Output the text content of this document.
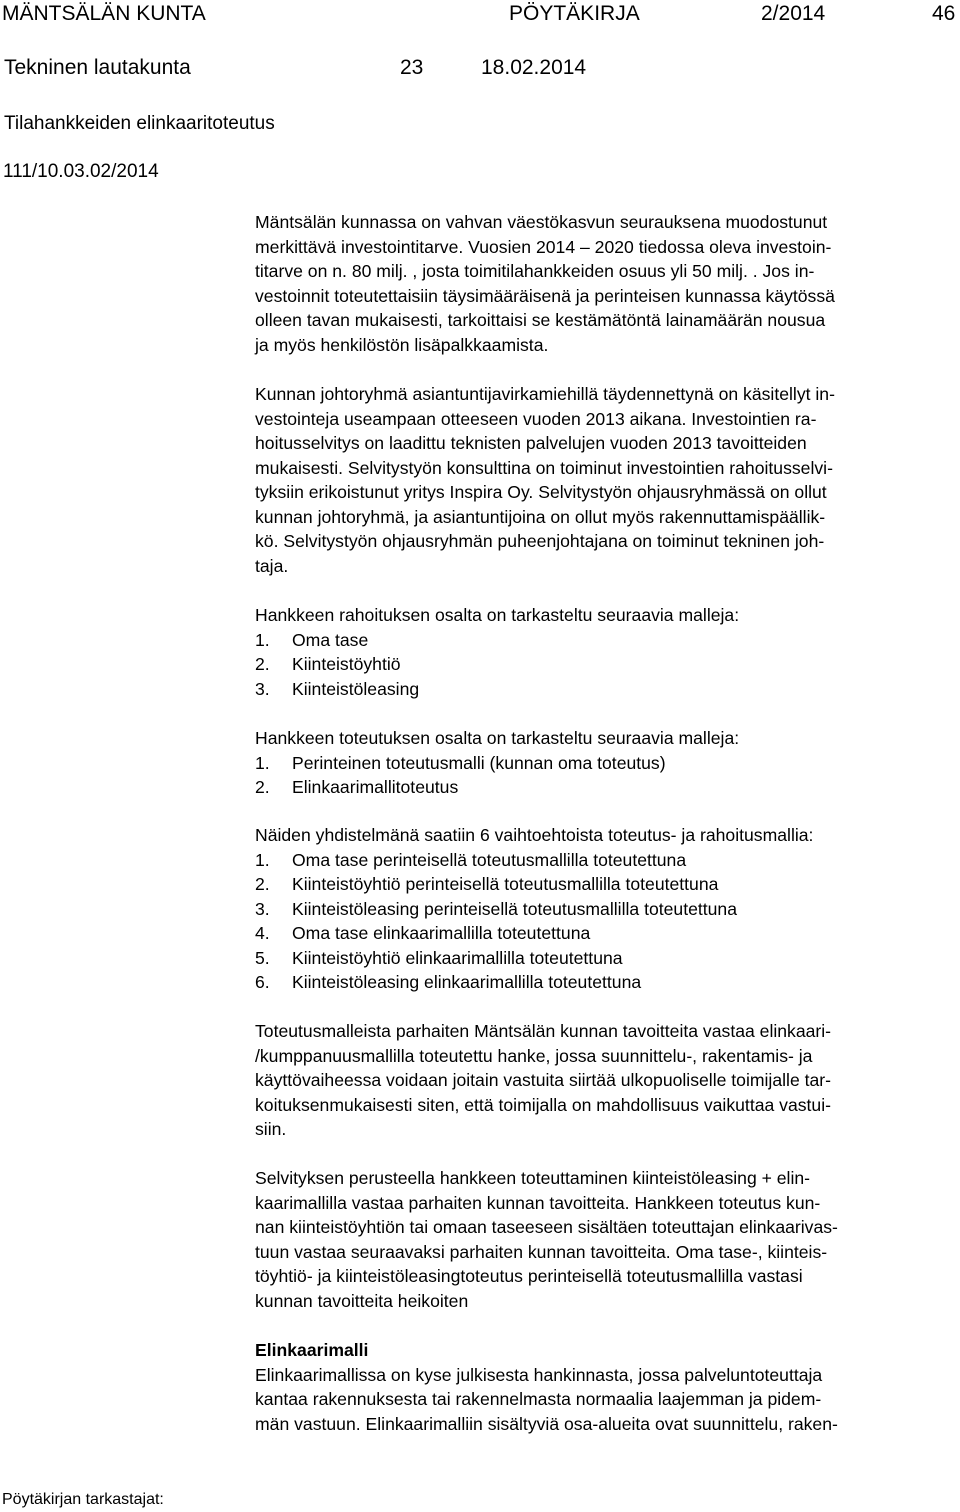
MÄNTSÄLÄN KUNTA	PÖYTÄKIRJA	2/2014	46
Tekninen lautakunta	23	18.02.2014
Tilahankkeiden elinkaaritoteutus
111/10.03.02/2014
Mäntsälän kunnassa on vahvan väestökasvun seurauksena muodostunut
merkittävä investointitarve. Vuosien 2014 – 2020 tiedossa oleva investoin-
titarve on n. 80 milj. , josta toimitilahankkeiden osuus yli 50 milj. . Jos in-
vestoinnit toteutettaisiin täysimääräisenä ja perinteisen kunnassa käytössä
olleen tavan mukaisesti, tarkoittaisi se kestämätöntä lainamäärän nousua
ja myös henkilöstön lisäpalkkaamista.
Kunnan johtoryhmä asiantuntijavirkamiehillä täydennettynä on käsitellyt in-
vestointeja useampaan otteeseen vuoden 2013 aikana. Investointien ra-
hoitusselvitys on laadittu teknisten palvelujen vuoden 2013 tavoitteiden
mukaisesti. Selvitystyön konsulttina on toiminut investointien rahoitusselvi-
tyksiin erikoistunut yritys Inspira Oy. Selvitystyön ohjausryhmässä on ollut
kunnan johtoryhmä, ja asiantuntijoina on ollut myös rakennuttamispäällik-
kö. Selvitystyön ohjausryhmän puheenjohtajana on toiminut tekninen joh-
taja.
Hankkeen rahoituksen osalta on tarkasteltu seuraavia malleja:
1. Oma tase
2. Kiinteistöyhtiö
3. Kiinteistöleasing
Hankkeen toteutuksen osalta on tarkasteltu seuraavia malleja:
1. Perinteinen toteutusmalli (kunnan oma toteutus)
2. Elinkaarimallitoteutus
Näiden yhdistelmänä saatiin 6 vaihtoehtoista toteutus- ja rahoitusmallia:
1. Oma tase perinteisellä toteutusmallilla toteutettuna
2. Kiinteistöyhtiö perinteisellä toteutusmallilla toteutettuna
3. Kiinteistöleasing perinteisellä toteutusmallilla toteutettuna
4. Oma tase elinkaarimallilla toteutettuna
5. Kiinteistöyhtiö elinkaarimallilla toteutettuna
6. Kiinteistöleasing elinkaarimallilla toteutettuna
Toteutusmalleista parhaiten Mäntsälän kunnan tavoitteita vastaa elinkaari-
/kumppanuusmallilla toteutettu hanke, jossa suunnittelu-, rakentamis- ja
käyttövaiheessa voidaan joitain vastuita siirtää ulkopuoliselle toimijalle tar-
koituksenmukaisesti siten, että toimijalla on mahdollisuus vaikuttaa vastui-
siin.
Selvityksen perusteella hankkeen toteuttaminen kiinteistöleasing + elin-
kaarimallilla vastaa parhaiten kunnan tavoitteita. Hankkeen toteutus kun-
nan kiinteistöyhtiön tai omaan taseeseen sisältäen toteuttajan elinkaarivas-
tuun vastaa seuraavaksi parhaiten kunnan tavoitteita. Oma tase-, kiinteis-
töyhtiö- ja kiinteistöleasingtoteutus perinteisellä toteutusmallilla vastasi
kunnan tavoitteita heikoiten
Elinkaarimalli
Elinkaarimallissa on kyse julkisesta hankinnasta, jossa palveluntoteuttaja
kantaa rakennuksesta tai rakennelmasta normaalia laajemman ja pidem-
män vastuun. Elinkaarimalliin sisältyviä osa-alueita ovat suunnittelu, raken-
Pöytäkirjan tarkastajat:
